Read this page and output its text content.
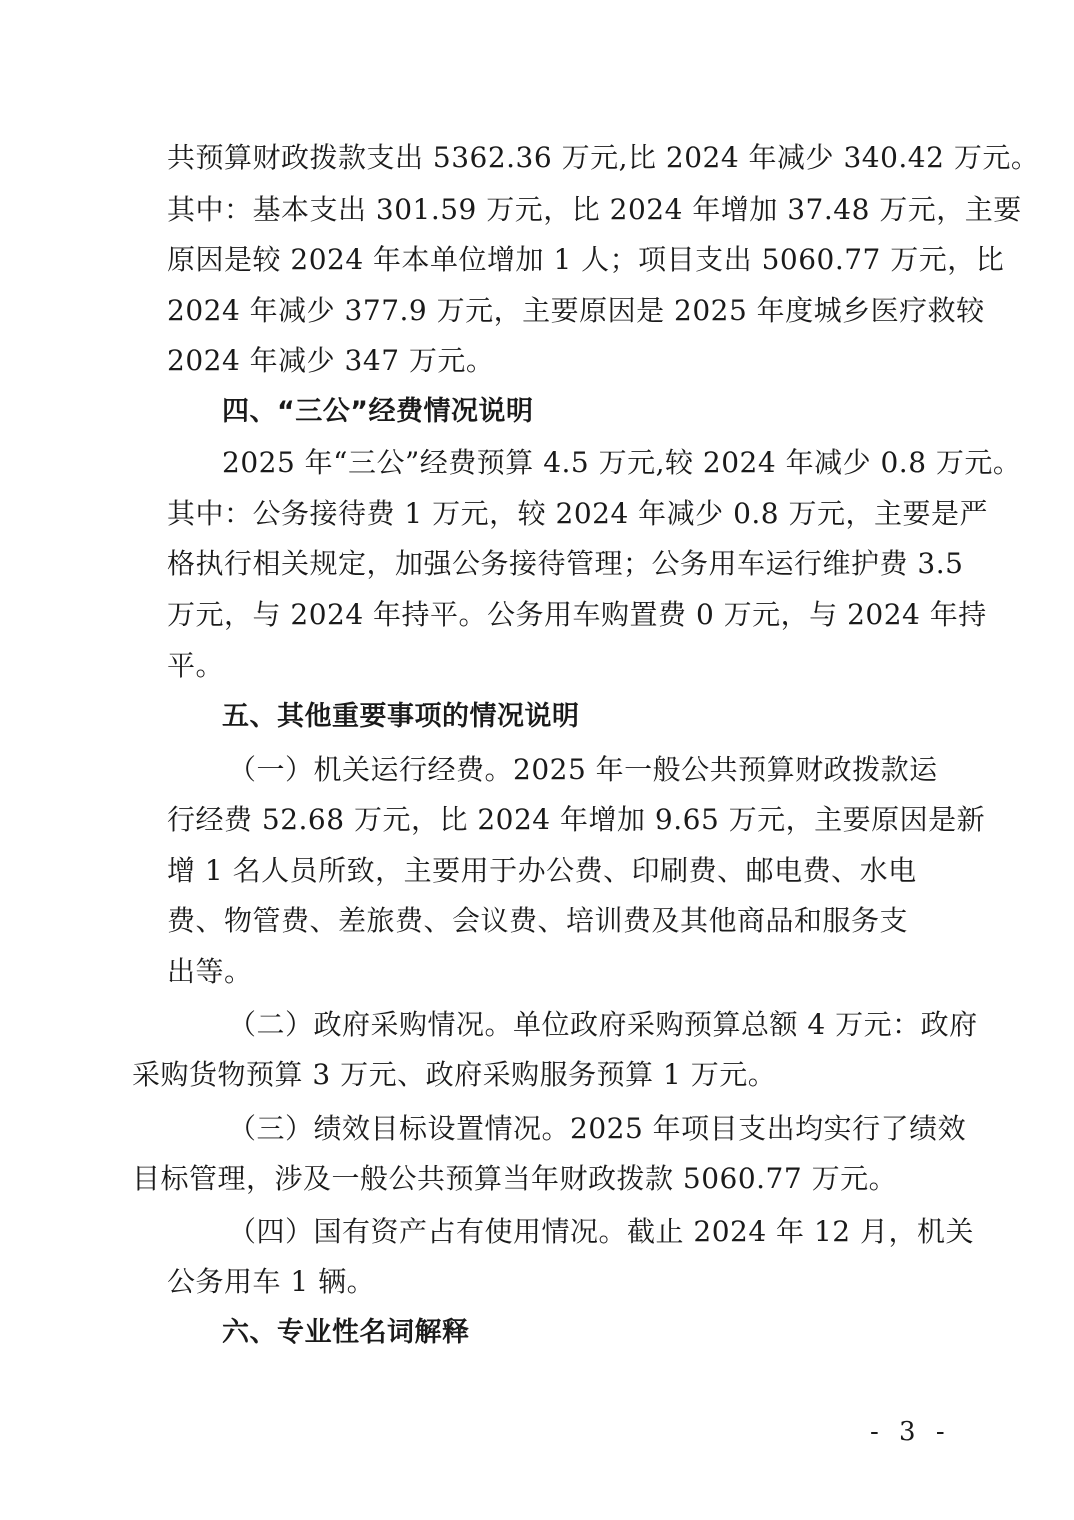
共预算财政拨款支出 5362.36 万元,比 2024 年减少 340.42 万元。
其中：基本支出 301.59 万元，比 2024 年增加 37.48 万元，主要
原因是较 2024 年本单位增加 1 人；项目支出 5060.77 万元，比
2024 年减少 377.9 万元，主要原因是 2025 年度城乡医疗救较
2024 年减少 347 万元。
四、“三公”经费情况说明
2025 年“三公”经费预算 4.5 万元,较 2024 年减少 0.8 万元。
其中：公务接待费 1 万元，较 2024 年减少 0.8 万元，主要是严
格执行相关规定，加强公务接待管理；公务用车运行维护费 3.5
万元，与 2024 年持平。公务用车购置费 0 万元，与 2024 年持
平。
五、其他重要事项的情况说明
（一）机关运行经费。2025 年一般公共预算财政拨款运
行经费 52.68 万元，比 2024 年增加 9.65 万元，主要原因是新
增 1 名人员所致，主要用于办公费、印刷费、邮电费、水电
费、物管费、差旅费、会议费、培训费及其他商品和服务支
出等。
（二）政府采购情况。单位政府采购预算总额 4 万元：政府
采购货物预算 3 万元、政府采购服务预算 1 万元。
（三）绩效目标设置情况。2025 年项目支出均实行了绩效
目标管理，涉及一般公共预算当年财政拨款 5060.77 万元。
（四）国有资产占有使用情况。截止 2024 年 12 月，机关
公务用车 1 辆。
六、专业性名词解释
- 3 -
